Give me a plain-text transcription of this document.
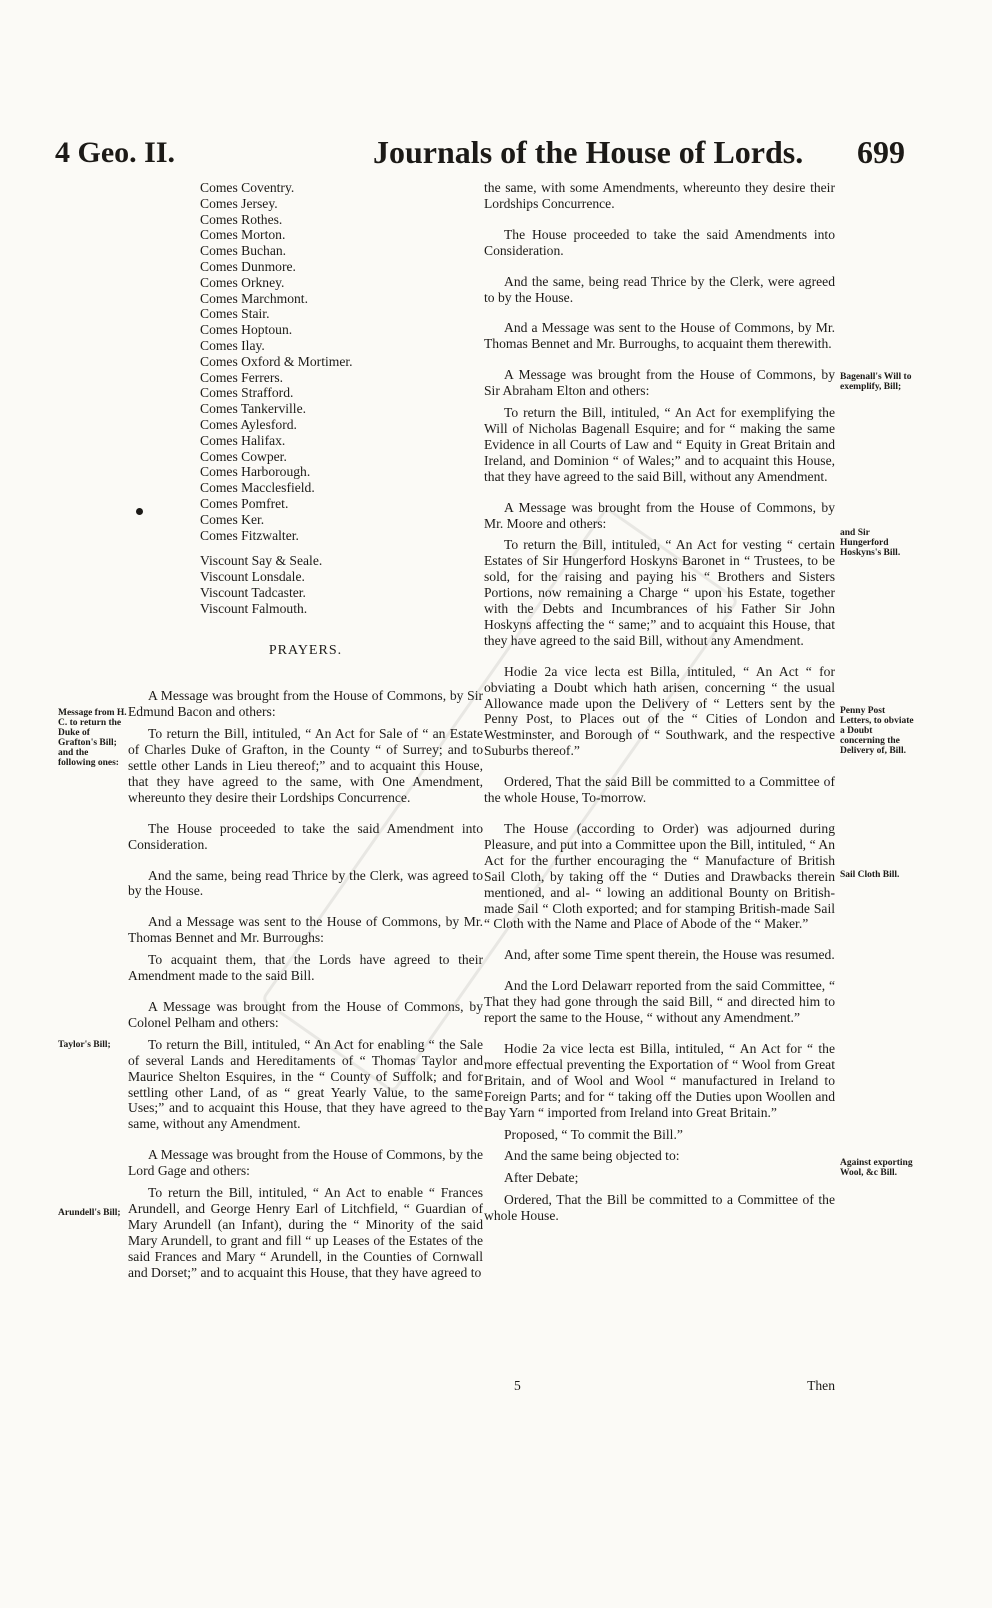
4 Geo. II.	Journals of the House of Lords. 699
Comes Coventry.
Comes Jersey.
Comes Rothes.
Comes Morton.
Comes Buchan.
Comes Dunmore.
Comes Orkney.
Comes Marchmont.
Comes Stair.
Comes Hoptoun.
Comes Ilay.
Comes Oxford & Mortimer.
Comes Ferrers.
Comes Strafford.
Comes Tankerville.
Comes Aylesford.
Comes Halifax.
Comes Cowper.
Comes Harborough.
Comes Macclesfield.
Comes Pomfret.
Comes Ker.
Comes Fitzwalter.
Viscount Say & Seale.
Viscount Lonsdale.
Viscount Tadcaster.
Viscount Falmouth.
PRAYERS.

A Message was brought from the House of Commons, by Sir Edmund Bacon and others:

To return the Bill, intituled, “ An Act for Sale of “ an Estate of Charles Duke of Grafton, in the County “ of Surrey; and to settle other Lands in Lieu thereof;” and to acquaint this House, that they have agreed to the same, with One Amendment, whereunto they desire their Lordships Concurrence.

The House proceeded to take the said Amendment into Consideration.

And the same, being read Thrice by the Clerk, was agreed to by the House.

And a Message was sent to the House of Commons, by Mr. Thomas Bennet and Mr. Burroughs:

To acquaint them, that the Lords have agreed to their Amendment made to the said Bill.

A Message was brought from the House of Commons, by Colonel Pelham and others:

To return the Bill, intituled, “ An Act for enabling “ the Sale of several Lands and Hereditaments of “ Thomas Taylor and Maurice Shelton Esquires, in the “ County of Suffolk; and for settling other Land, of as “ great Yearly Value, to the same Uses;” and to acquaint this House, that they have agreed to the same, without any Amendment.

A Message was brought from the House of Commons, by the Lord Gage and others:

To return the Bill, intituled, “ An Act to enable “ Frances Arundell, and George Henry Earl of Litchfield, “ Guardian of Mary Arundell (an Infant), during the “ Minority of the said Mary Arundell, to grant and fill “ up Leases of the Estates of the said Frances and Mary “ Arundell, in the Counties of Cornwall and Dorset;” and to acquaint this House, that they have agreed to

the same, with some Amendments, whereunto they desire their Lordships Concurrence.

The House proceeded to take the said Amendments into Consideration.

And the same, being read Thrice by the Clerk, were agreed to by the House.

And a Message was sent to the House of Commons, by Mr. Thomas Bennet and Mr. Burroughs, to acquaint them therewith.

A Message was brought from the House of Commons, by Sir Abraham Elton and others:

To return the Bill, intituled, “ An Act for exemplifying the Will of Nicholas Bagenall Esquire; and for “ making the same Evidence in all Courts of Law and “ Equity in Great Britain and Ireland, and Dominion “ of Wales;” and to acquaint this House, that they have agreed to the said Bill, without any Amendment.

A Message was brought from the House of Commons, by Mr. Moore and others:

To return the Bill, intituled, “ An Act for vesting “ certain Estates of Sir Hungerford Hoskyns Baronet in “ Trustees, to be sold, for the raising and paying his “ Brothers and Sisters Portions, now remaining a Charge “ upon his Estate, together with the Debts and Incumbrances of his Father Sir John Hoskyns affecting the “ same;” and to acquaint this House, that they have agreed to the said Bill, without any Amendment.

Hodie 2a vice lecta est Billa, intituled, “ An Act “ for obviating a Doubt which hath arisen, concerning “ the usual Allowance made upon the Delivery of “ Letters sent by the Penny Post, to Places out of the “ Cities of London and Westminster, and Borough of “ Southwark, and the respective Suburbs thereof.”

Ordered, That the said Bill be committed to a Committee of the whole House, To-morrow.

The House (according to Order) was adjourned during Pleasure, and put into a Committee upon the Bill, intituled, “ An Act for the further encouraging the “ Manufacture of British Sail Cloth, by taking off the “ Duties and Drawbacks therein mentioned, and al- “ lowing an additional Bounty on British-made Sail “ Cloth exported; and for stamping British-made Sail “ Cloth with the Name and Place of Abode of the “ Maker.”

And, after some Time spent therein, the House was resumed.

And the Lord Delawarr reported from the said Committee, “ That they had gone through the said Bill, “ and directed him to report the same to the House, “ without any Amendment.”

Hodie 2a vice lecta est Billa, intituled, “ An Act for “ the more effectual preventing the Exportation of “ Wool from Great Britain, and of Wool and Wool “ manufactured in Ireland to Foreign Parts; and for “ taking off the Duties upon Woollen and Bay Yarn “ imported from Ireland into Great Britain.”

Proposed, “ To commit the Bill.”

And the same being objected to:

After Debate;

Ordered, That the Bill be committed to a Committee of the whole House.

Message from H. C. to return the Duke of Grafton's Bill; and the following ones:
Taylor's Bill;
Arundell's Bill;
Bagenall's Will to exemplify, Bill;
and Sir Hungerford Hoskyns's Bill.
Penny Post Letters, to obviate a Doubt concerning the Delivery of, Bill.
Sail Cloth Bill.
Against exporting Wool, &c Bill.
5	Then
